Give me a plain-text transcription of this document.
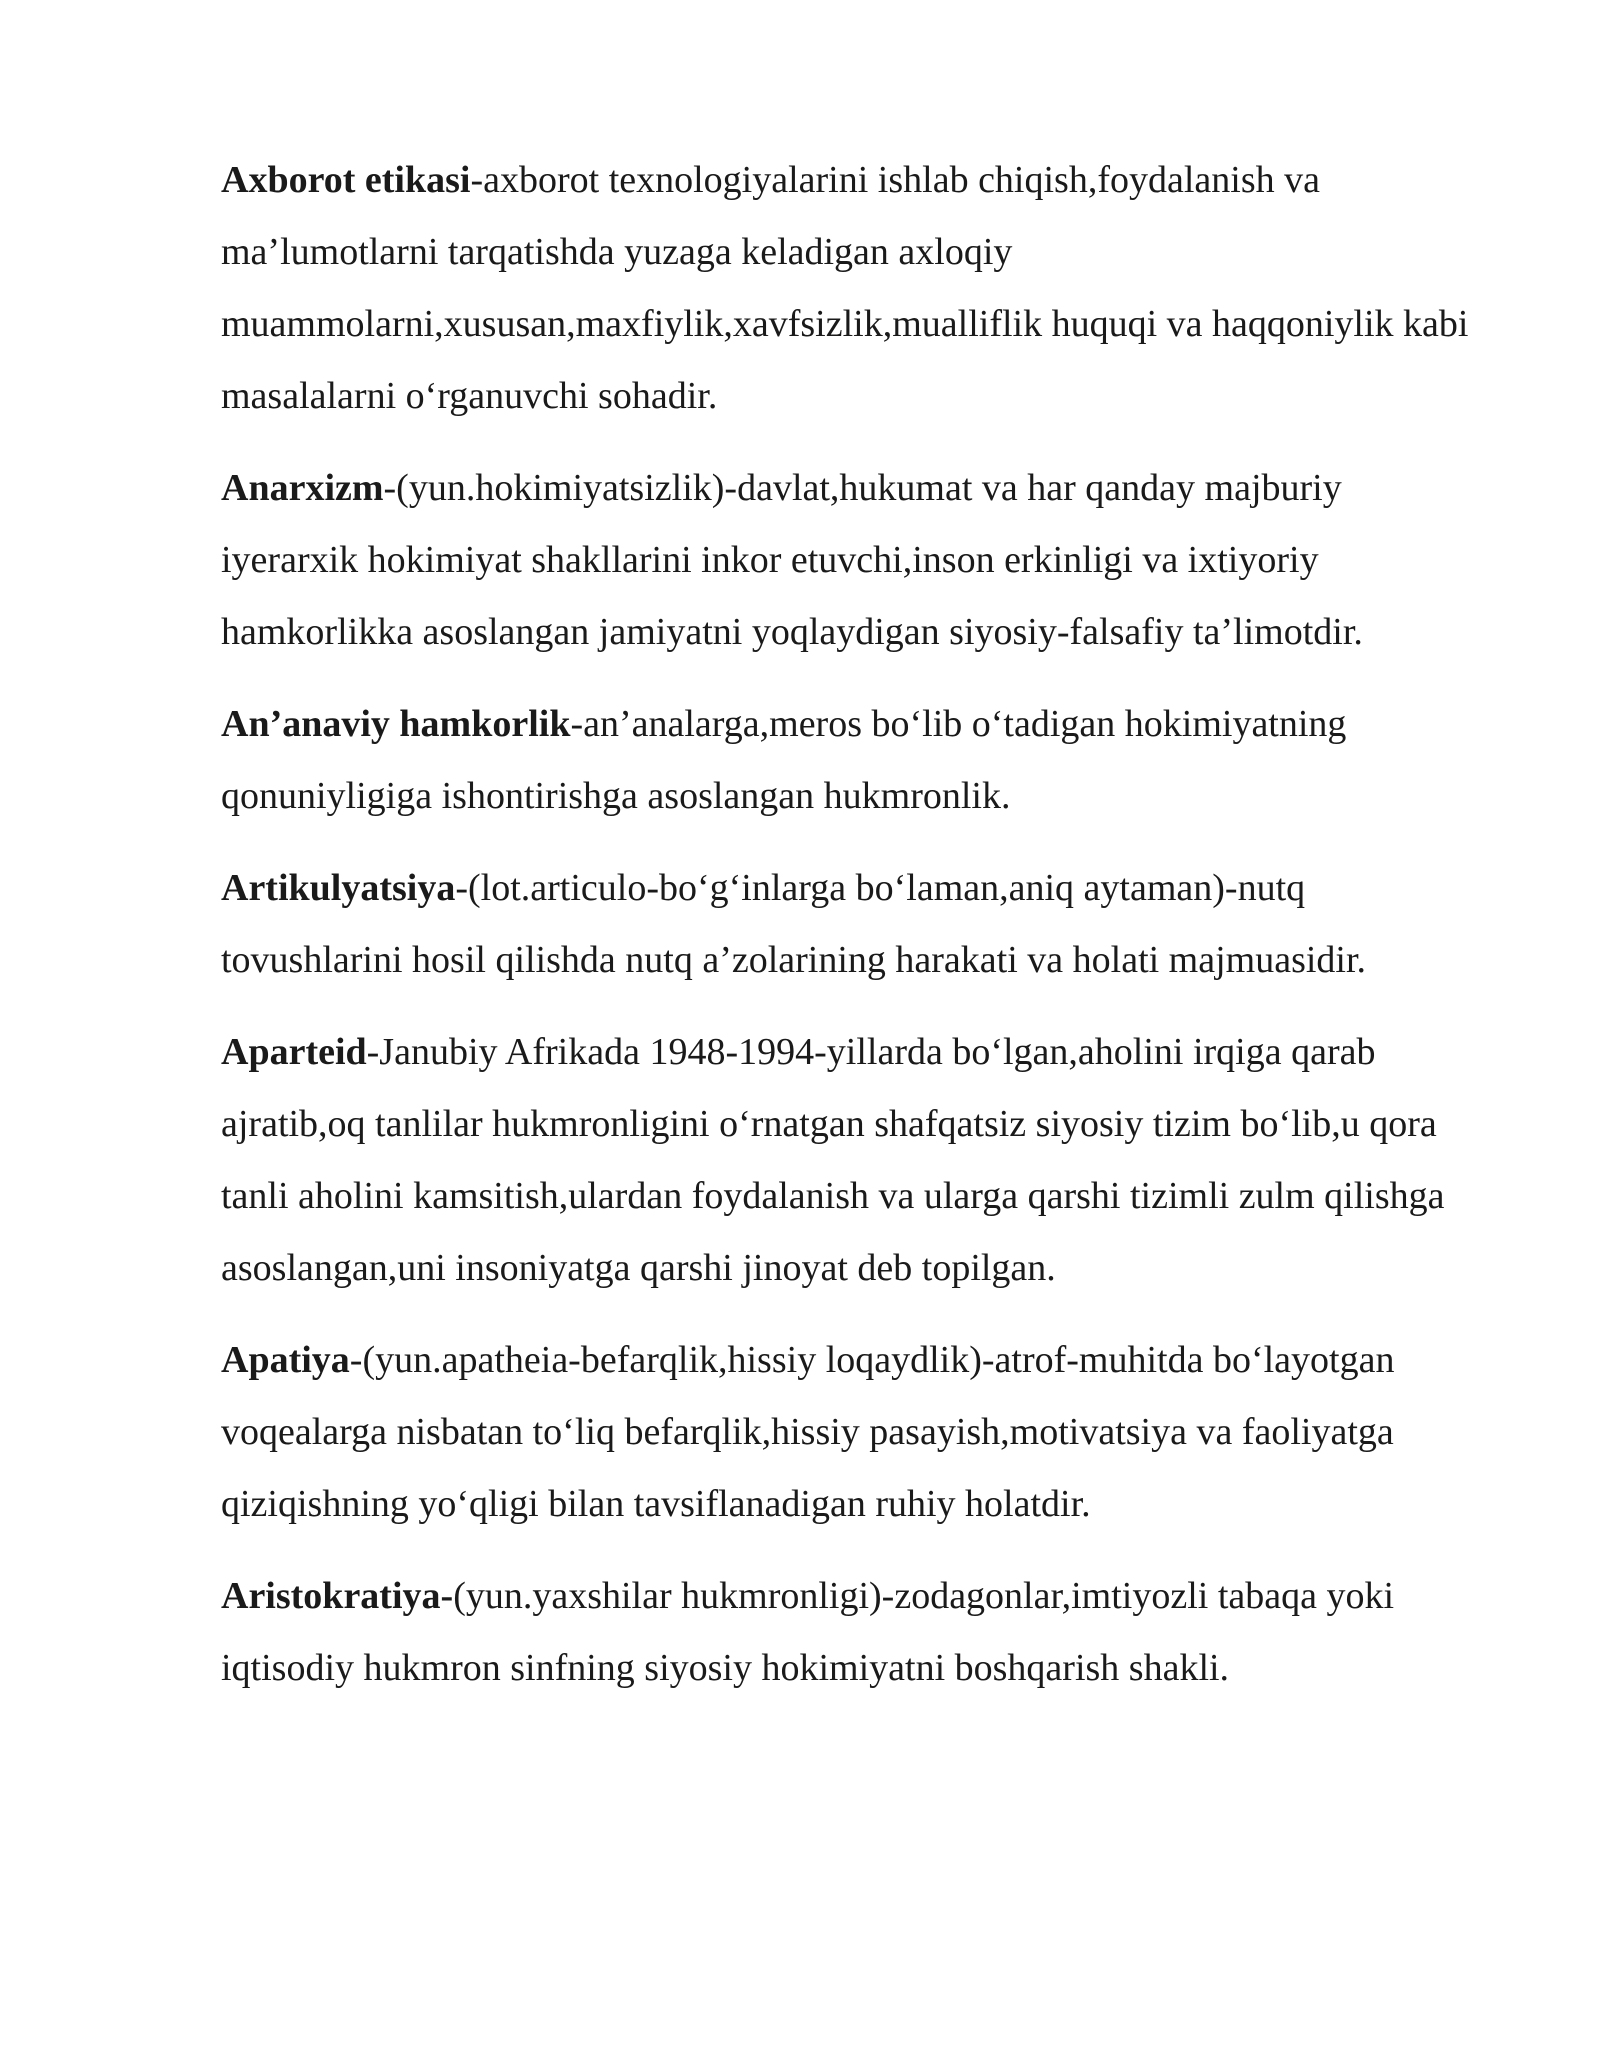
Axborot etikasi-axborot texnologiyalarini ishlab chiqish,foydalanish va ma’lumotlarni tarqatishda yuzaga keladigan axloqiy muammolarni,xususan,maxfiylik,xavfsizlik,mualliflik huquqi va haqqoniylik kabi masalalarni o‘rganuvchi sohadir.

Anarxizm-(yun.hokimiyatsizlik)-davlat,hukumat va har qanday majburiy iyerarxik hokimiyat shakllarini inkor etuvchi,inson erkinligi va ixtiyoriy hamkorlikka asoslangan jamiyatni yoqlaydigan siyosiy-falsafiy ta’limotdir.

An’anaviy hamkorlik-an’analarga,meros bo‘lib o‘tadigan hokimiyatning qonuniyligiga ishontirishga asoslangan hukmronlik.

Artikulyatsiya-(lot.articulo-bo‘g‘inlarga bo‘laman,aniq aytaman)-nutq tovushlarini hosil qilishda nutq a’zolarining harakati va holati majmuasidir.

Aparteid-Janubiy Afrikada 1948-1994-yillarda bo‘lgan,aholini irqiga qarab ajratib,oq tanlilar hukmronligini o‘rnatgan shafqatsiz siyosiy tizim bo‘lib,u qora tanli aholini kamsitish,ulardan foydalanish va ularga qarshi tizimli zulm qilishga asoslangan,uni insoniyatga qarshi jinoyat deb topilgan.

Apatiya-(yun.apatheia-befarqlik,hissiy loqaydlik)-atrof-muhitda bo‘layotgan voqealarga nisbatan to‘liq befarqlik,hissiy pasayish,motivatsiya va faoliyatga qiziqishning yo‘qligi bilan tavsiflanadigan ruhiy holatdir.

Aristokratiya-(yun.yaxshilar hukmronligi)-zodagonlar,imtiyozli tabaqa yoki iqtisodiy hukmron sinfning siyosiy hokimiyatni boshqarish shakli.
